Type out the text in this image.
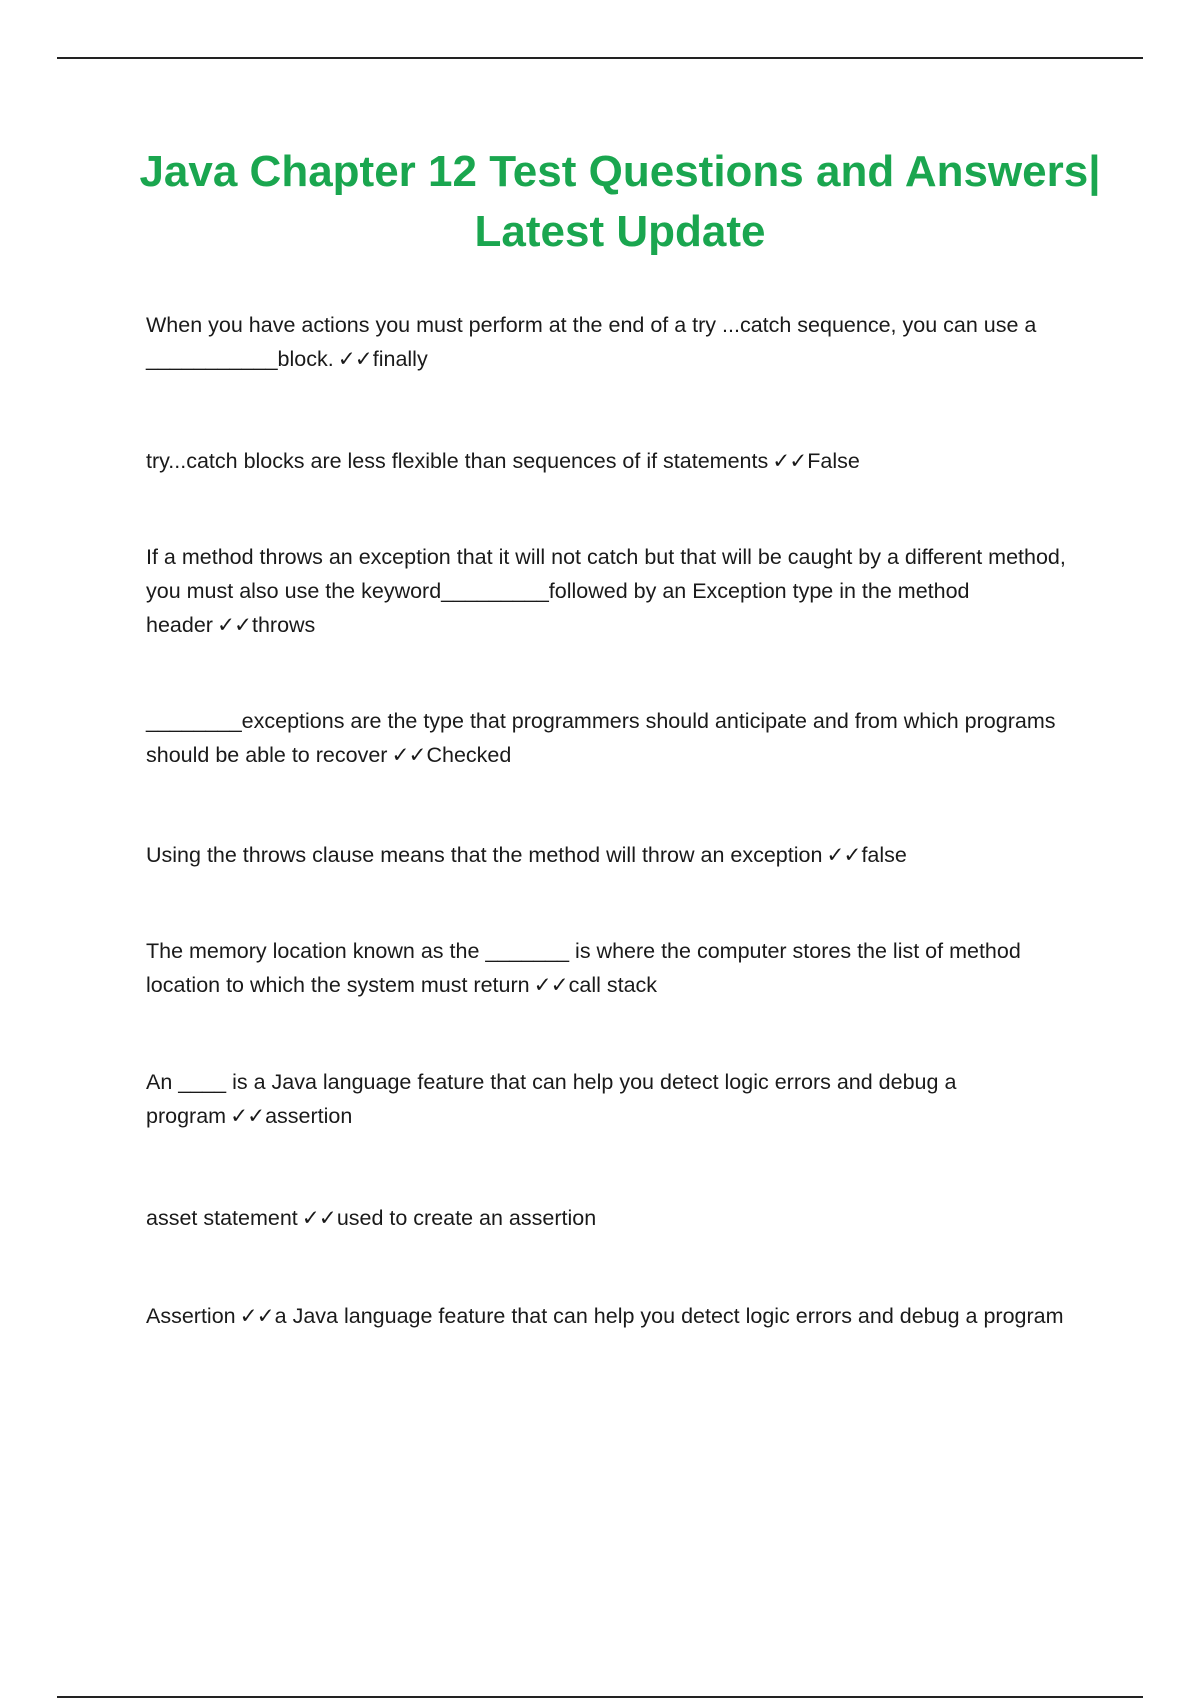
Java Chapter 12 Test Questions and Answers|
Latest Update
When you have actions you must perform at the end of a try ...catch sequence, you can use a ___________block. ✓✓finally
try...catch blocks are less flexible than sequences of if statements ✓✓False
If a method throws an exception that it will not catch but that will be caught by a different method, you must also use the keyword_________followed by an Exception type in the method header ✓✓throws
________exceptions are the type that programmers should anticipate and from which programs should be able to recover ✓✓Checked
Using the throws clause means that the method will throw an exception ✓✓false
The memory location known as the _______ is where the computer stores the list of method location to which the system must return ✓✓call stack
An ____ is a Java language feature that can help you detect logic errors and debug a program ✓✓assertion
asset statement ✓✓used to create an assertion
Assertion ✓✓a Java language feature that can help you detect logic errors and debug a program
